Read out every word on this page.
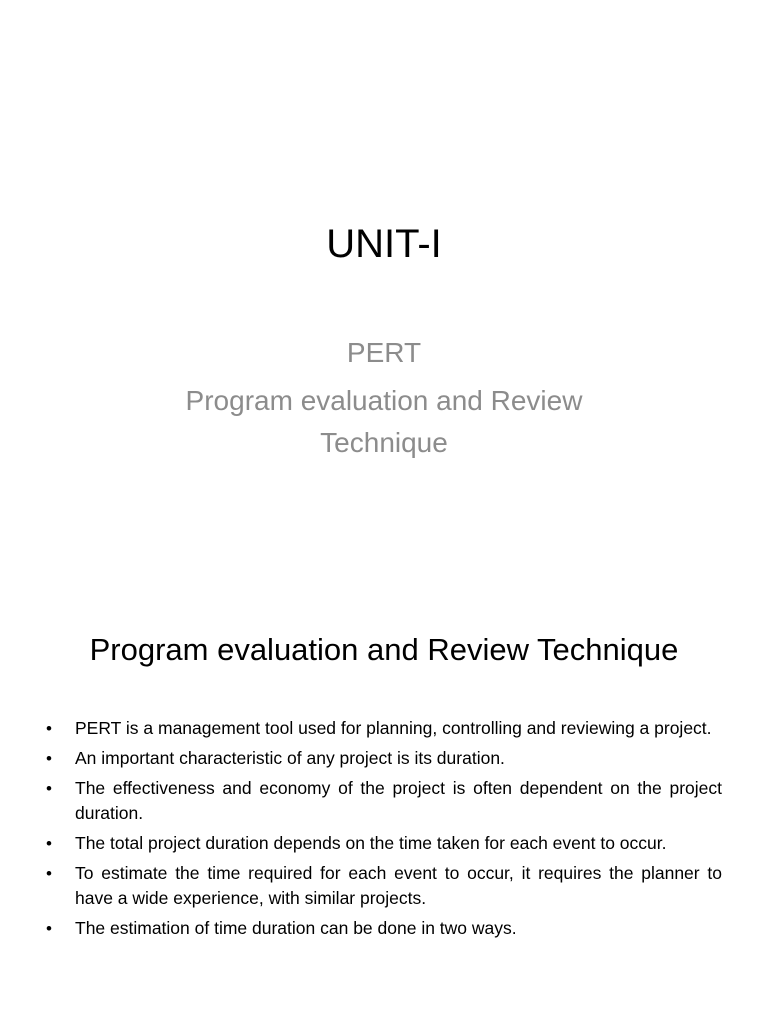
UNIT-I
PERT
Program evaluation and Review Technique
Program evaluation and Review Technique
• PERT is a management tool used for planning, controlling and reviewing a project.
• An important characteristic of any project is its duration.
• The effectiveness and economy of the project is often dependent on the project duration.
• The total project duration depends on the time taken for each event to occur.
• To estimate the time required for each event to occur, it requires the planner to have a wide experience, with similar projects.
• The estimation of time duration can be done in two ways.
